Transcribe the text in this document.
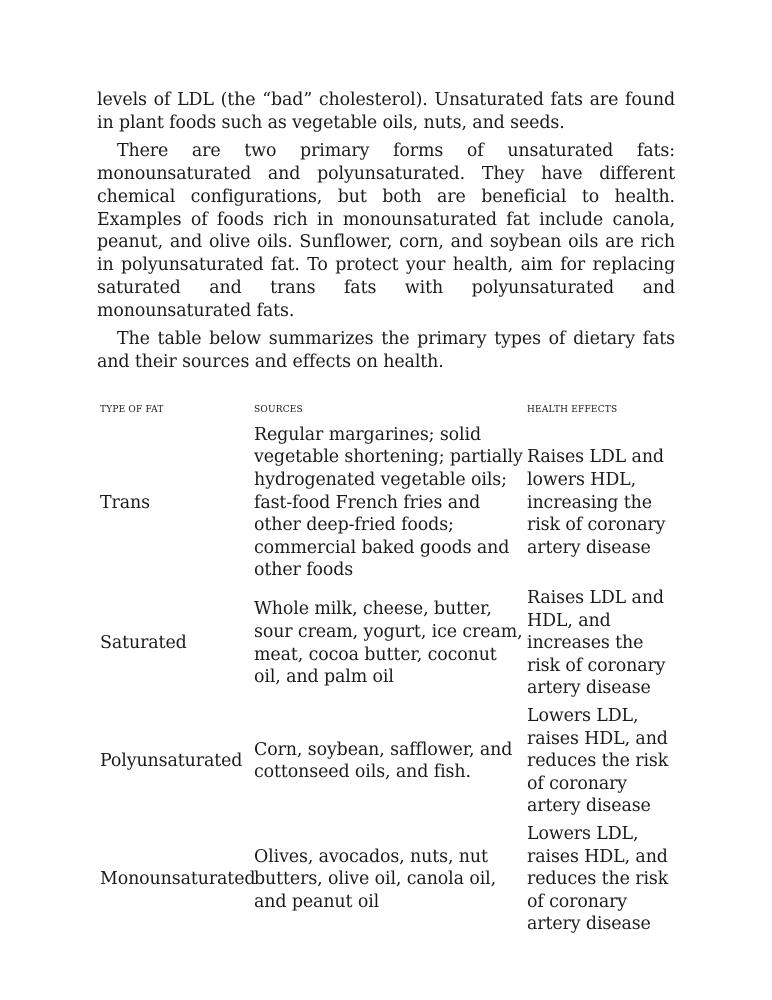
levels of LDL (the “bad” cholesterol). Unsaturated fats are found in plant foods such as vegetable oils, nuts, and seeds.

There are two primary forms of unsaturated fats: monounsaturated and polyunsaturated. They have different chemical configurations, but both are beneficial to health. Examples of foods rich in monounsaturated fat include canola, peanut, and olive oils. Sunflower, corn, and soybean oils are rich in polyunsaturated fat. To protect your health, aim for replacing saturated and trans fats with polyunsaturated and monounsaturated fats.

The table below summarizes the primary types of dietary fats and their sources and effects on health.

TYPE OF FAT	SOURCES	HEALTH EFFECTS
Trans	Regular margarines; solid vegetable shortening; partially hydrogenated vegetable oils; fast-food French fries and other deep-fried foods; commercial baked goods and other foods	Raises LDL and lowers HDL, increasing the risk of coronary artery disease
Saturated	Whole milk, cheese, butter, sour cream, yogurt, ice cream, meat, cocoa butter, coconut oil, and palm oil	Raises LDL and HDL, and increases the risk of coronary artery disease
Polyunsaturated	Corn, soybean, safflower, and cottonseed oils, and fish.	Lowers LDL, raises HDL, and reduces the risk of coronary artery disease
Monounsaturated	Olives, avocados, nuts, nut butters, olive oil, canola oil, and peanut oil	Lowers LDL, raises HDL, and reduces the risk of coronary artery disease
